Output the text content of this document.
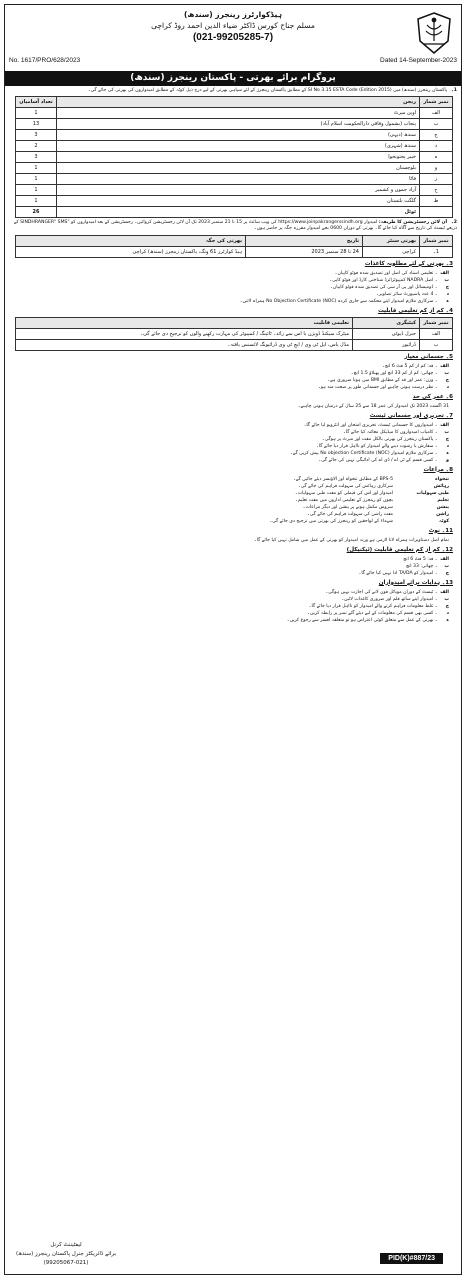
ہیڈکوارٹرز رینجرز (سندھ)
مسلم جناح کورس ڈاکٹر ضیاء الدین احمد روڈ کراچی
(021-99205285-7)
No. 1617/PRO/628/2023	Dated 14-September-2023
پروگرام برائے بھرتی - پاکستان رینجرز (سندھ)
1۔
پاکستان رینجرز (سندھ) میں SI No 3.15 ESTA Code (Edition 2015) کے مطابق پاکستان رینجرز کے لئے سپاہی بھرتی کے لیے درج ذیل کوٹہ کے مطابق امیدواروں کی بھرتی کی جائے گی۔
نمبر شمار	ریجن	تعداد آسامیاں
الف	اوپن میرٹ	1
ب	پنجاب (بشمول وفاقی دارالحکومت اسلام آباد)	13
ج	سندھ (دیہی)	3
د	سندھ (شہری)	2
ہ	خیبر پختونخوا	3
و	بلوچستان	1
ز	فاٹا	1
ح	آزاد جموں و کشمیر	1
ط	گلگت بلتستان	1
	ٹوٹل	26
2۔
آن لائن رجسٹریشن کا طریقہ: امیدوار https://www.joinpakrangerssindh.org کی ویب سائٹ پر 15 تا 21 ستمبر 2023 تک آن لائن رجسٹریشن کروائیں۔ رجسٹریشن کے بعد امیدواروں کو "SINDHRANGER" SMS کے ذریعے ٹیسٹ کی تاریخ سے آگاہ کیا جائے گا۔ بھرتی کے دوران 0600 بجے امیدوار مقررہ جگہ پر حاضر ہوں۔
نمبر شمار	بھرتی سنٹر	تاریخ	بھرتی کی جگہ
1۔	کراچی	24 تا 28 ستمبر 2023	ہیڈ کوارٹرز 61 ونگ، پاکستان رینجرز (سندھ) کراچی
3۔ بھرتی کے لئے مطلوبہ کاغذات
الف ۔ تعلیمی اسناد کی اصل اور تصدیق شدہ فوٹو کاپیاں۔
ب ۔ اصل NADRA کمپیوٹرائزڈ شناختی کارڈ اور فوٹو کاپی۔
ج ۔ ڈومیسائل اور پی آر سی کی تصدیق شدہ فوٹو کاپیاں۔
د ۔ 4 عدد پاسپورٹ سائز تصاویر۔
ہ ۔ سرکاری ملازم امیدوار اپنے محکمہ سے جاری کردہ No Objection Certificate (NOC) ہمراہ لائیں۔
4۔ کم از کم تعلیمی قابلیت
نمبر شمار	کیٹیگری	تعلیمی قابلیت
الف	جنرل ڈیوٹی	میٹرک سیکنڈ ڈویژن یا اس سے زائد۔ ٹائپنگ / کمپیوٹر کی مہارت رکھنے والوں کو ترجیح دی جائے گی۔
ب	ڈرائیور	مڈل پاس، ایل ٹی وی / ایچ ٹی وی ڈرائیونگ لائسنس یافتہ۔
5۔ جسمانی معیار
الف ۔ قد: کم از کم 5 فٹ 6 انچ۔
ب ۔ چھاتی: کم از کم 33 انچ اور پھیلاؤ 1.5 انچ۔
ج ۔ وزن: عمر اور قد کے مطابق BMI میں ہونا ضروری ہے۔
د ۔ نظر درست ہونی چاہیے اور جسمانی طور پر صحت مند ہو۔
6۔ عمر کی حد
31 اگست 2023 تک امیدوار کی عمر 18 سے 25 سال کے درمیان ہونی چاہیے۔
7۔ تحریری اور جسمانی ٹیسٹ
الف ۔ امیدواروں کا جسمانی ٹیسٹ، تحریری امتحان اور انٹرویو لیا جائے گا۔
ب ۔ کامیاب امیدواروں کا میڈیکل معائنہ کیا جائے گا۔
ج ۔ پاکستان رینجرز کی بھرتی بالکل مفت اور میرٹ پر ہوگی۔
د ۔ سفارش یا رشوت دینے والے امیدوار کو نااہل قرار دیا جائے گا۔
ہ ۔ سرکاری ملازم امیدوار No objection Certificate (NOC) پیش کریں گے۔
و ۔ کسی قسم کے ٹی اے / ڈی اے کی ادائیگی نہیں کی جائے گی۔
8۔ مراعات
تنخواہ
BPS-5 کے مطابق تنخواہ اور الاؤنسز دیئے جائیں گے۔
رہائش
سرکاری رہائش کی سہولت فراہم کی جائے گی۔
طبی سہولیات
امیدوار اور اس کی فیملی کو مفت طبی سہولیات۔
تعلیم
بچوں کو رینجرز کے تعلیمی اداروں میں مفت تعلیم۔
پنشن
سروس مکمل ہونے پر پنشن اور دیگر مراعات۔
راشن
مفت راشن کی سہولت فراہم کی جائے گی۔
کوٹہ
شہداء کے لواحقین کو رینجرز کی بھرتی میں ترجیح دی جائے گی۔
11۔ نوٹ
تمام اصل دستاویزات ہمراہ لانا لازمی ہے ورنہ امیدوار کو بھرتی کے عمل میں شامل نہیں کیا جائے گا۔
12۔ کم از کم تعلیمی قابلیت (ٹیکنیکل)
الف ۔ قد: 5 فٹ 6 انچ
ب ۔ چھاتی: 33 انچ
ج ۔ امیدوار کو TA/DA ادا نہیں کیا جائے گا۔
13۔ ہدایات برائے امیدواران
الف ۔ ٹیسٹ کے دوران موبائل فون لانے کی اجازت نہیں ہوگی۔
ب ۔ امیدوار اپنے ساتھ قلم اور ضروری کاغذات لائیں۔
ج ۔ غلط معلومات فراہم کرنے والے امیدوار کو نااہل قرار دیا جائے گا۔
د ۔ کسی بھی قسم کی معلومات کے لیے دیئے گئے نمبر پر رابطہ کریں۔
ہ ۔ بھرتی کے عمل سے متعلق کوئی اعتراض ہو تو متعلقہ افسر سے رجوع کریں۔
لیفٹیننٹ کرنل
برائے ڈائریکٹر جنرل پاکستان رینجرز (سندھ)
(99205067-021)
PID(K)#887/23
